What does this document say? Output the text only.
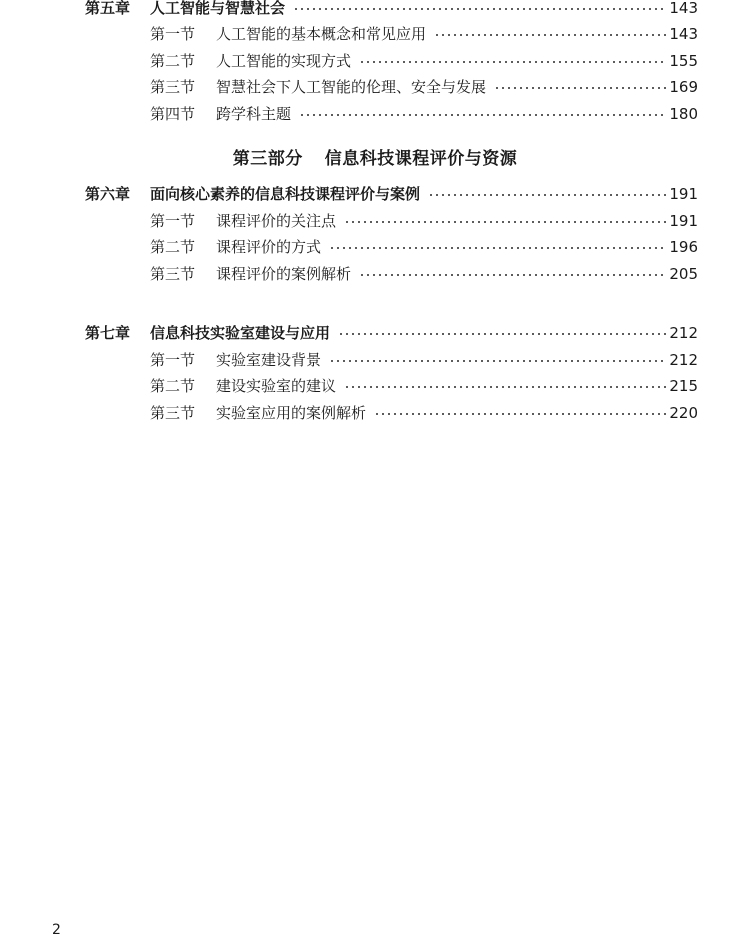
第五章 人工智能与智慧社会	143
第一节 人工智能的基本概念和常见应用	143
第二节 人工智能的实现方式	155
第三节 智慧社会下人工智能的伦理、安全与发展	169
第四节 跨学科主题	180
第三部分 信息科技课程评价与资源
第六章 面向核心素养的信息科技课程评价与案例	191
第一节 课程评价的关注点	191
第二节 课程评价的方式	196
第三节 课程评价的案例解析	205
第七章 信息科技实验室建设与应用	212
第一节 实验室建设背景	212
第二节 建设实验室的建议	215
第三节 实验室应用的案例解析	220
2
